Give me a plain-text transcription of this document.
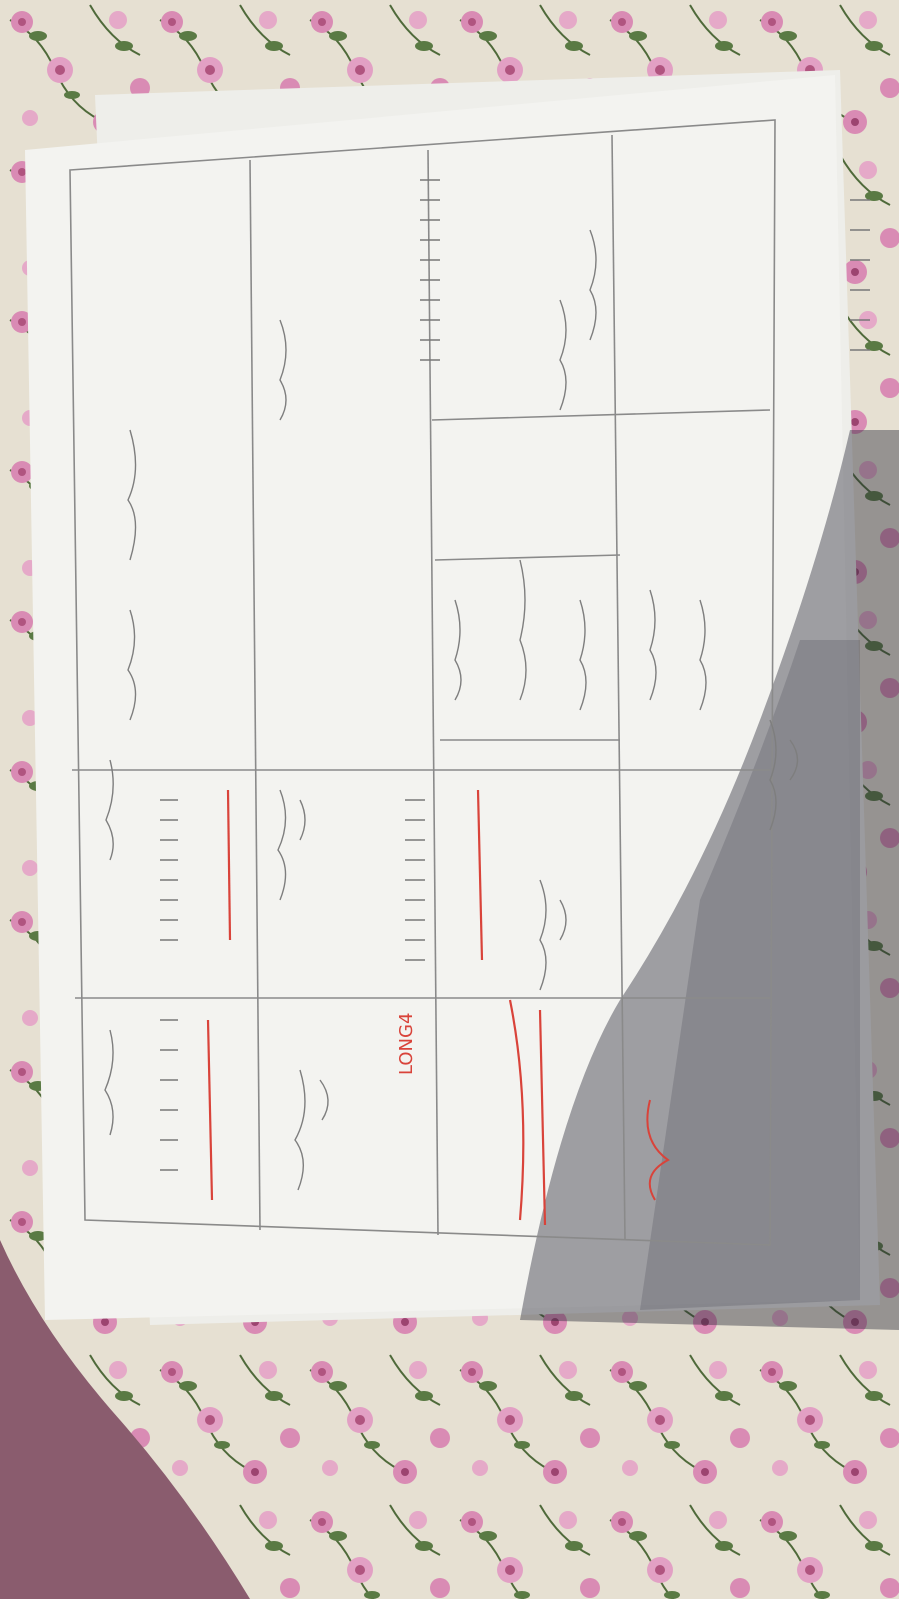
LONG4
